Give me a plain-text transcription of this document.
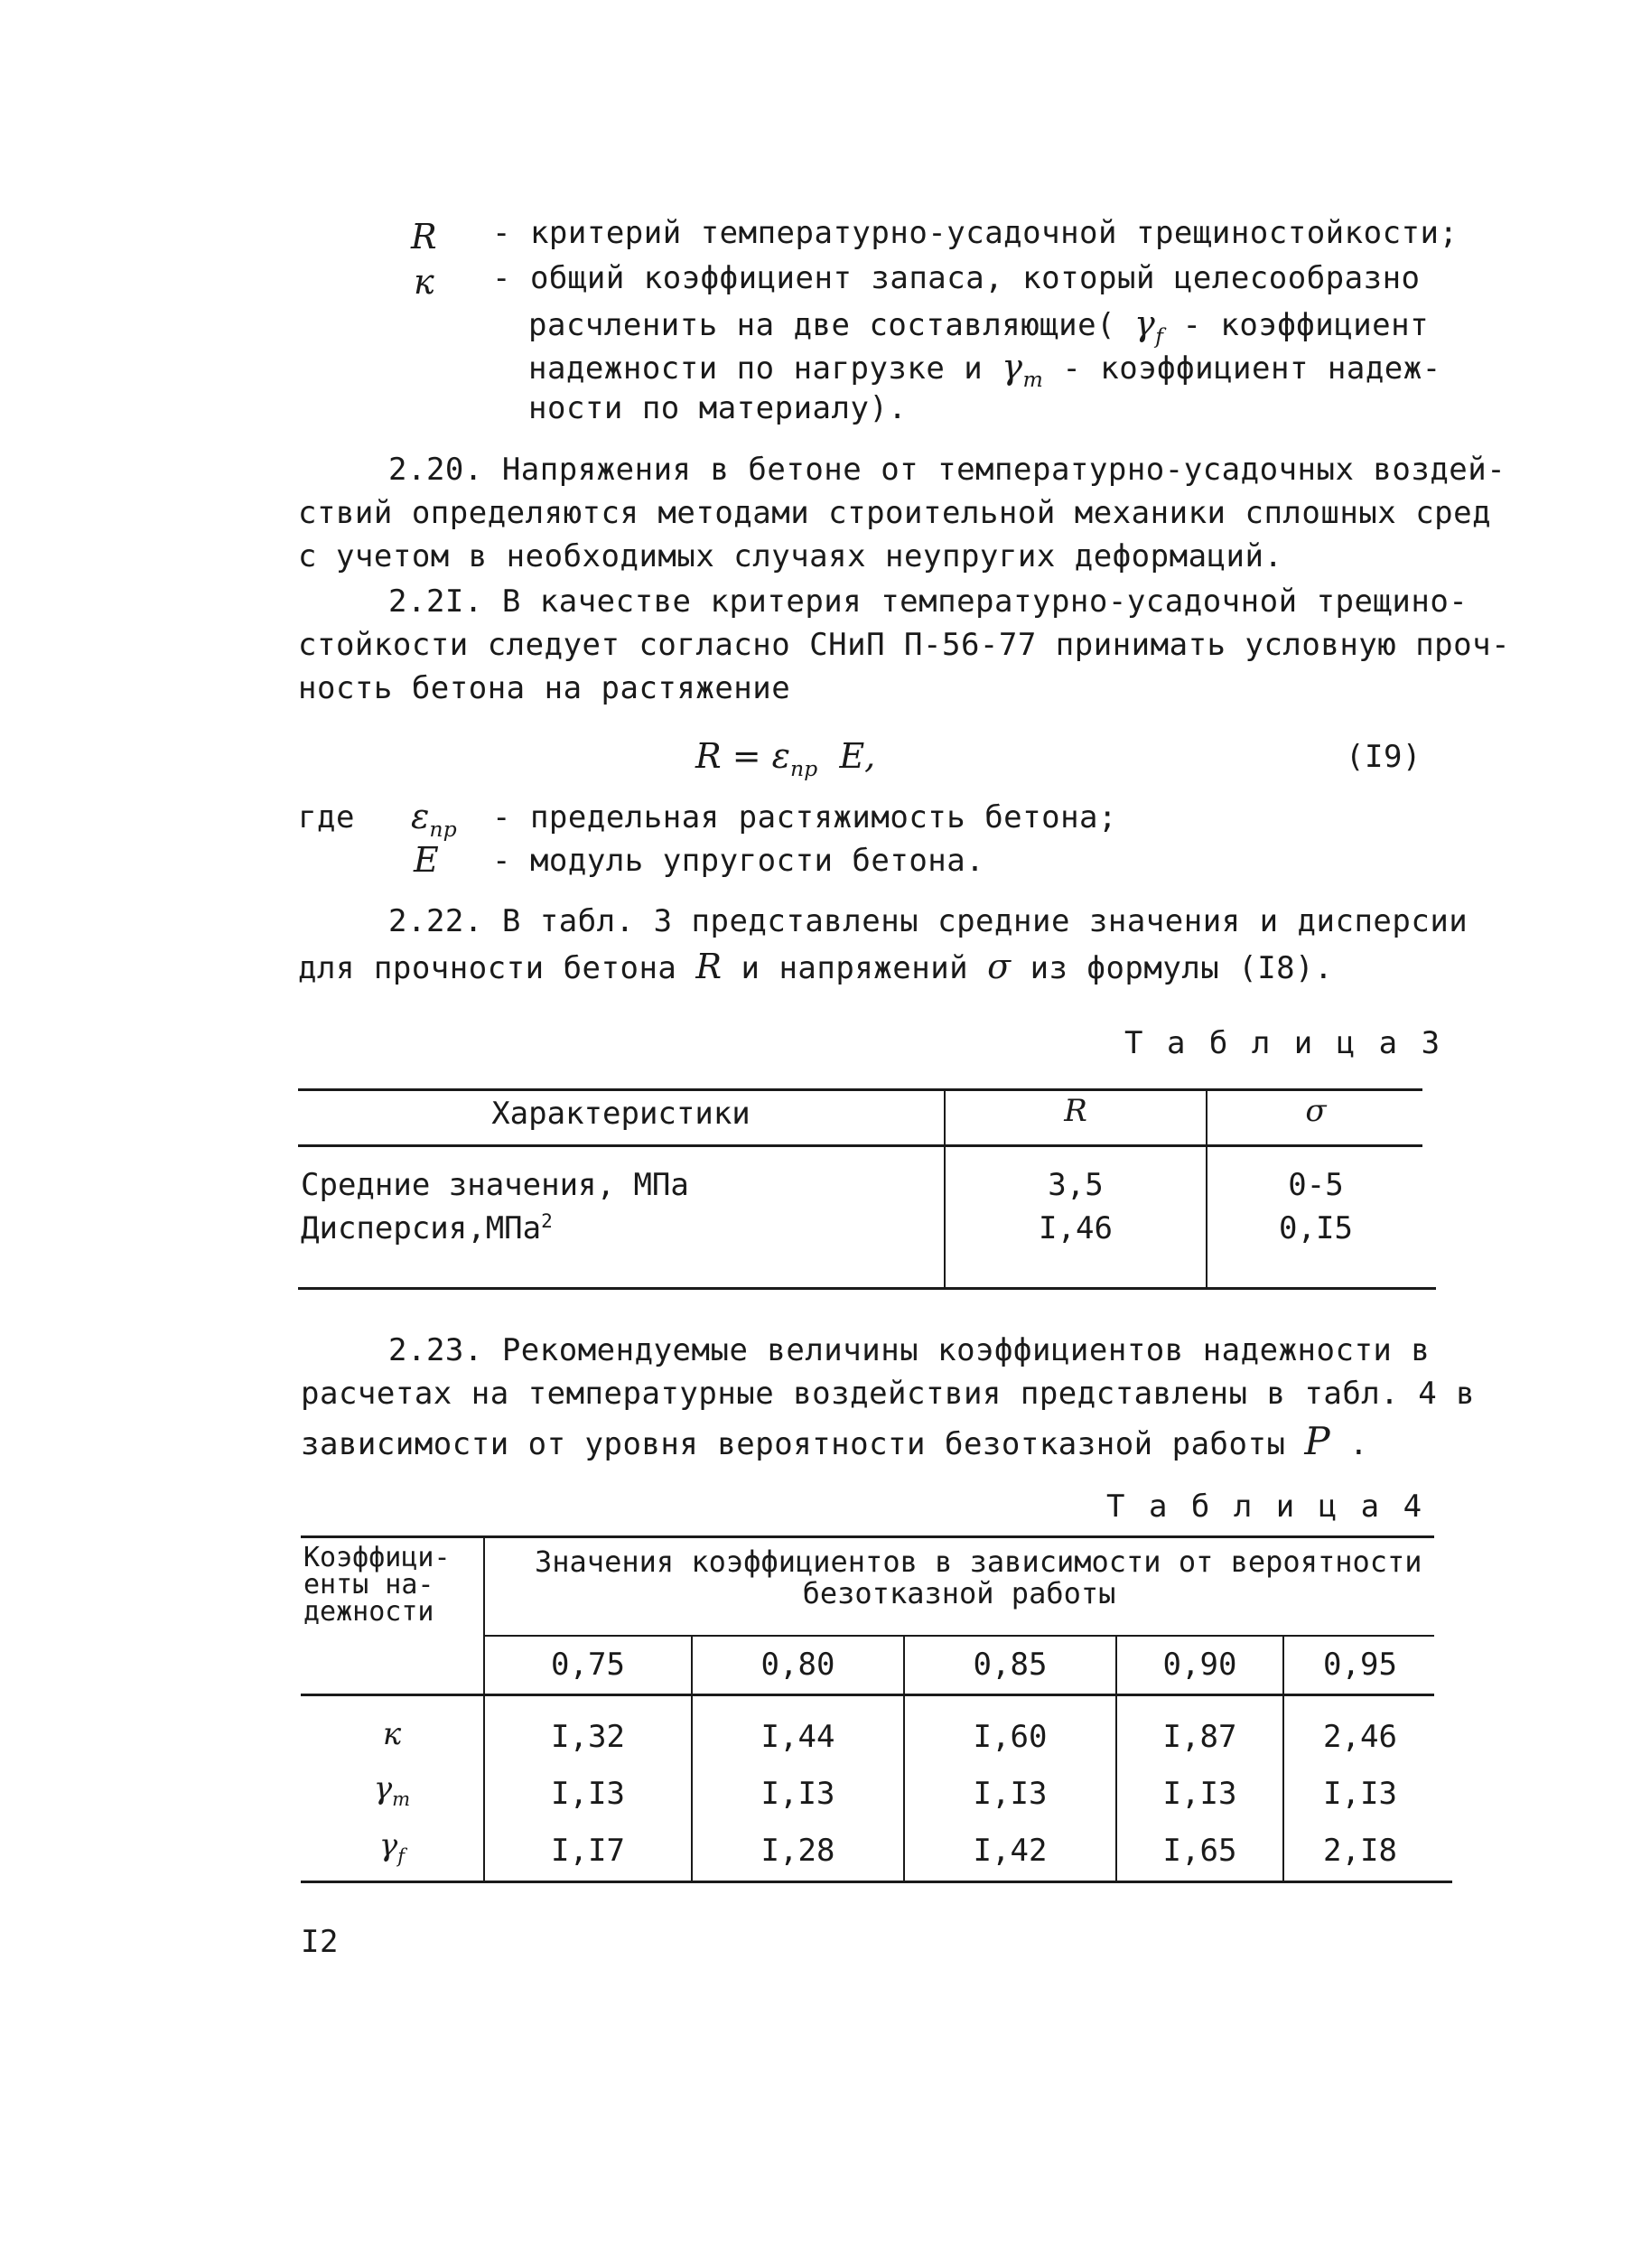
R - критерий температурно-усадочной трещиностойкости;
к - общий коэффициент запаса, который целесообразно
расчленить на две составляющие( $\gamma_f$ - коэффициент
надежности по нагрузке и $\gamma_m$ - коэффициент надеж-
ности по материалу).
2.20. Напряжения в бетоне от температурно-усадочных воздей-
ствий определяются методами строительной механики сплошных сред
с учетом в необходимых случаях неупругих деформаций.
2.2I. В качестве критерия температурно-усадочной трещино-
стойкости следует согласно СНиП П-56-77 принимать условную проч-
ность бетона на растяжение
$R = \varepsilon_{пр}$ E,	(I9)
где $\varepsilon_{пр}$ - предельная растяжимость бетона;
E - модуль упругости бетона.
2.22. В табл. 3 представлены средние значения и дисперсии
для прочности бетона R и напряжений σ из формулы (I8).
Т а б л и ц а 3
Характеристики	R	σ
Средние значения, МПа	3,5	0-5
Дисперсия,МПа$^2$	I,46	0,I5
2.23. Рекомендуемые величины коэффициентов надежности в
расчетах на температурные воздействия представлены в табл. 4 в
зависимости от уровня вероятности безотказной работы P .
Т а б л и ц а 4
Коэффици-
енты на-
дежности
Значения коэффициентов в зависимости от вероятности
безотказной работы
0,75	0,80	0,85	0,90	0,95
к	I,32	I,44	I,60	I,87	2,46
$\gamma_m$	I,I3	I,I3	I,I3	I,I3	I,I3
$\gamma_f$	I,I7	I,28	I,42	I,65	2,I8
I2
